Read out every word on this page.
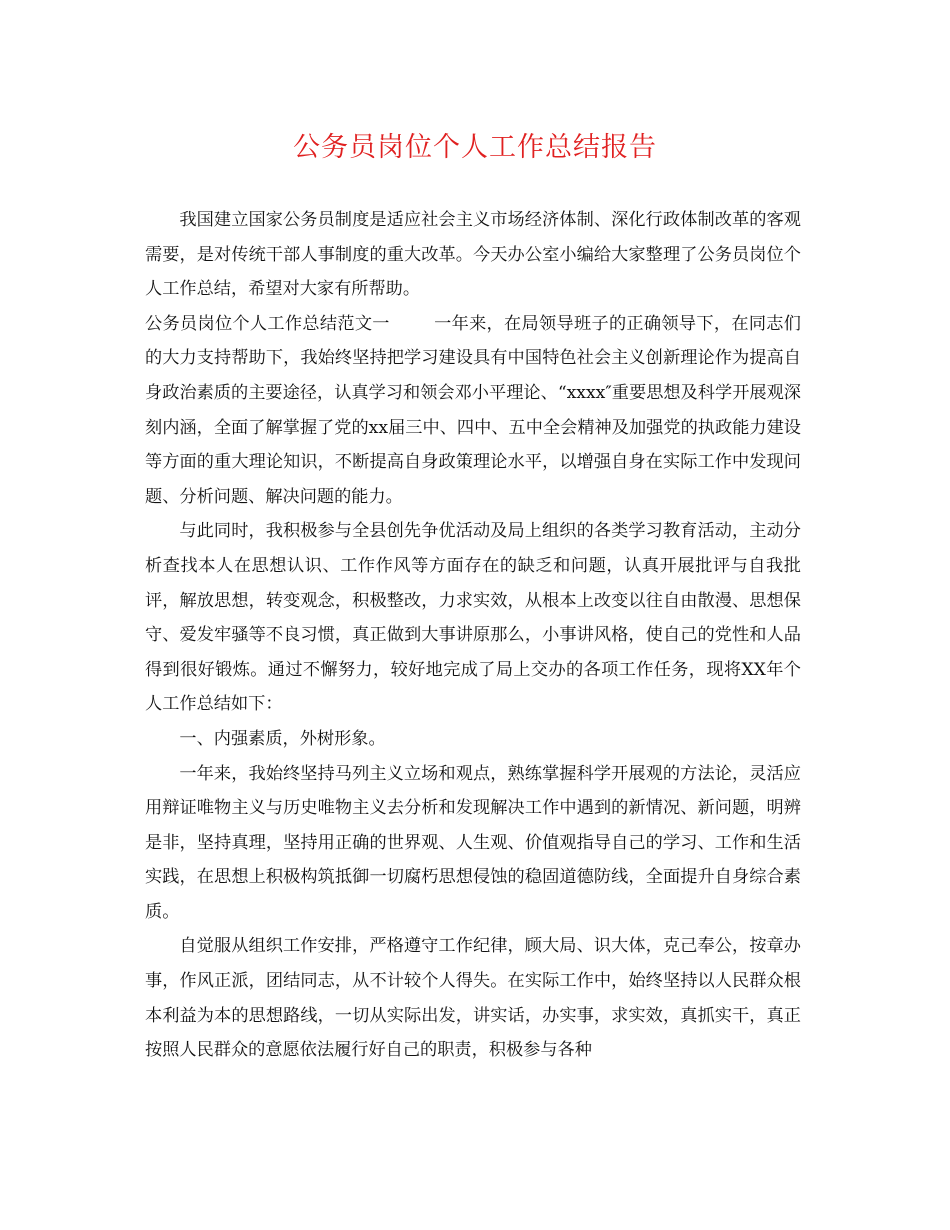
公务员岗位个人工作总结报告

我国建立国家公务员制度是适应社会主义市场经济体制、深化行政体制改革的客观需要，是对传统干部人事制度的重大改革。今天办公室小编给大家整理了公务员岗位个人工作总结，希望对大家有所帮助。

公务员岗位个人工作总结范文一	一年来，在局领导班子的正确领导下，在同志们的大力支持帮助下，我始终坚持把学习建设具有中国特色社会主义创新理论作为提高自身政治素质的主要途径，认真学习和领会邓小平理论、“xxxx″重要思想及科学开展观深刻内涵，全面了解掌握了党的xx届三中、四中、五中全会精神及加强党的执政能力建设等方面的重大理论知识，不断提高自身政策理论水平，以增强自身在实际工作中发现问题、分析问题、解决问题的能力。

与此同时，我积极参与全县创先争优活动及局上组织的各类学习教育活动，主动分析查找本人在思想认识、工作作风等方面存在的缺乏和问题，认真开展批评与自我批评，解放思想，转变观念，积极整改，力求实效，从根本上改变以往自由散漫、思想保守、爱发牢骚等不良习惯，真正做到大事讲原那么，小事讲风格，使自己的党性和人品得到很好锻炼。通过不懈努力，较好地完成了局上交办的各项工作任务，现将XX年个人工作总结如下：

一、内强素质，外树形象。

一年来，我始终坚持马列主义立场和观点，熟练掌握科学开展观的方法论，灵活应用辩证唯物主义与历史唯物主义去分析和发现解决工作中遇到的新情况、新问题，明辨是非，坚持真理，坚持用正确的世界观、人生观、价值观指导自己的学习、工作和生活实践，在思想上积极构筑抵御一切腐朽思想侵蚀的稳固道德防线，全面提升自身综合素质。

自觉服从组织工作安排，严格遵守工作纪律，顾大局、识大体，克己奉公，按章办事，作风正派，团结同志，从不计较个人得失。在实际工作中，始终坚持以人民群众根本利益为本的思想路线，一切从实际出发，讲实话，办实事，求实效，真抓实干，真正按照人民群众的意愿依法履行好自己的职责，积极参与各种
